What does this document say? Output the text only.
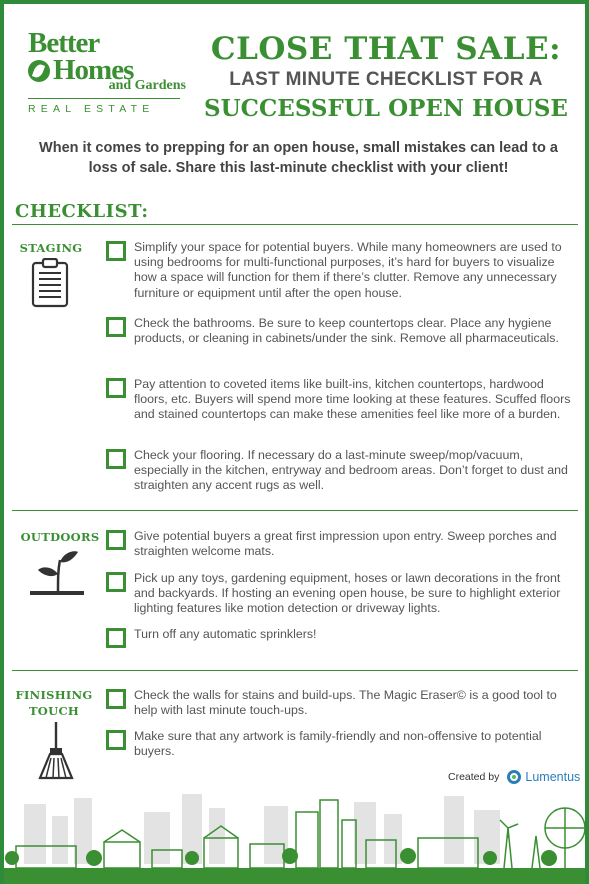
Better
Homes
and Gardens
REAL ESTATE
CLOSE THAT SALE:
LAST MINUTE CHECKLIST FOR A
SUCCESSFUL OPEN HOUSE
When it comes to prepping for an open house, small mistakes can lead to a loss of sale. Share this last-minute checklist with your client!
CHECKLIST:
STAGING	Simplify your space for potential buyers. While many homeowners are used to using bedrooms for multi-functional purposes, it’s hard for buyers to visualize how a space will function for them if there’s clutter. Remove any unnecessary furniture or equipment until after the open house.
Check the bathrooms. Be sure to keep countertops clear. Place any hygiene products, or cleaning in cabinets/under the sink. Remove all pharmaceuticals.
Pay attention to coveted items like built-ins, kitchen countertops, hardwood floors, etc. Buyers will spend more time looking at these features. Scuffed floors and stained countertops can make these amenities feel like more of a burden.
Check your flooring. If necessary do a last-minute sweep/mop/vacuum, especially in the kitchen, entryway and bedroom areas. Don’t forget to dust and straighten any accent rugs as well.
OUTDOORS	Give potential buyers a great first impression upon entry. Sweep porches and straighten welcome mats.
Pick up any toys, gardening equipment, hoses or lawn decorations in the front and backyards. If hosting an evening open house, be sure to highlight exterior lighting features like motion detection or driveway lights.
Turn off any automatic sprinklers!
FINISHING
TOUCH
Check the walls for stains and build-ups. The Magic Eraser© is a good tool to help with last minute touch-ups.
Make sure that any artwork is family-friendly and non-offensive to potential buyers.
Created by Lumentus
